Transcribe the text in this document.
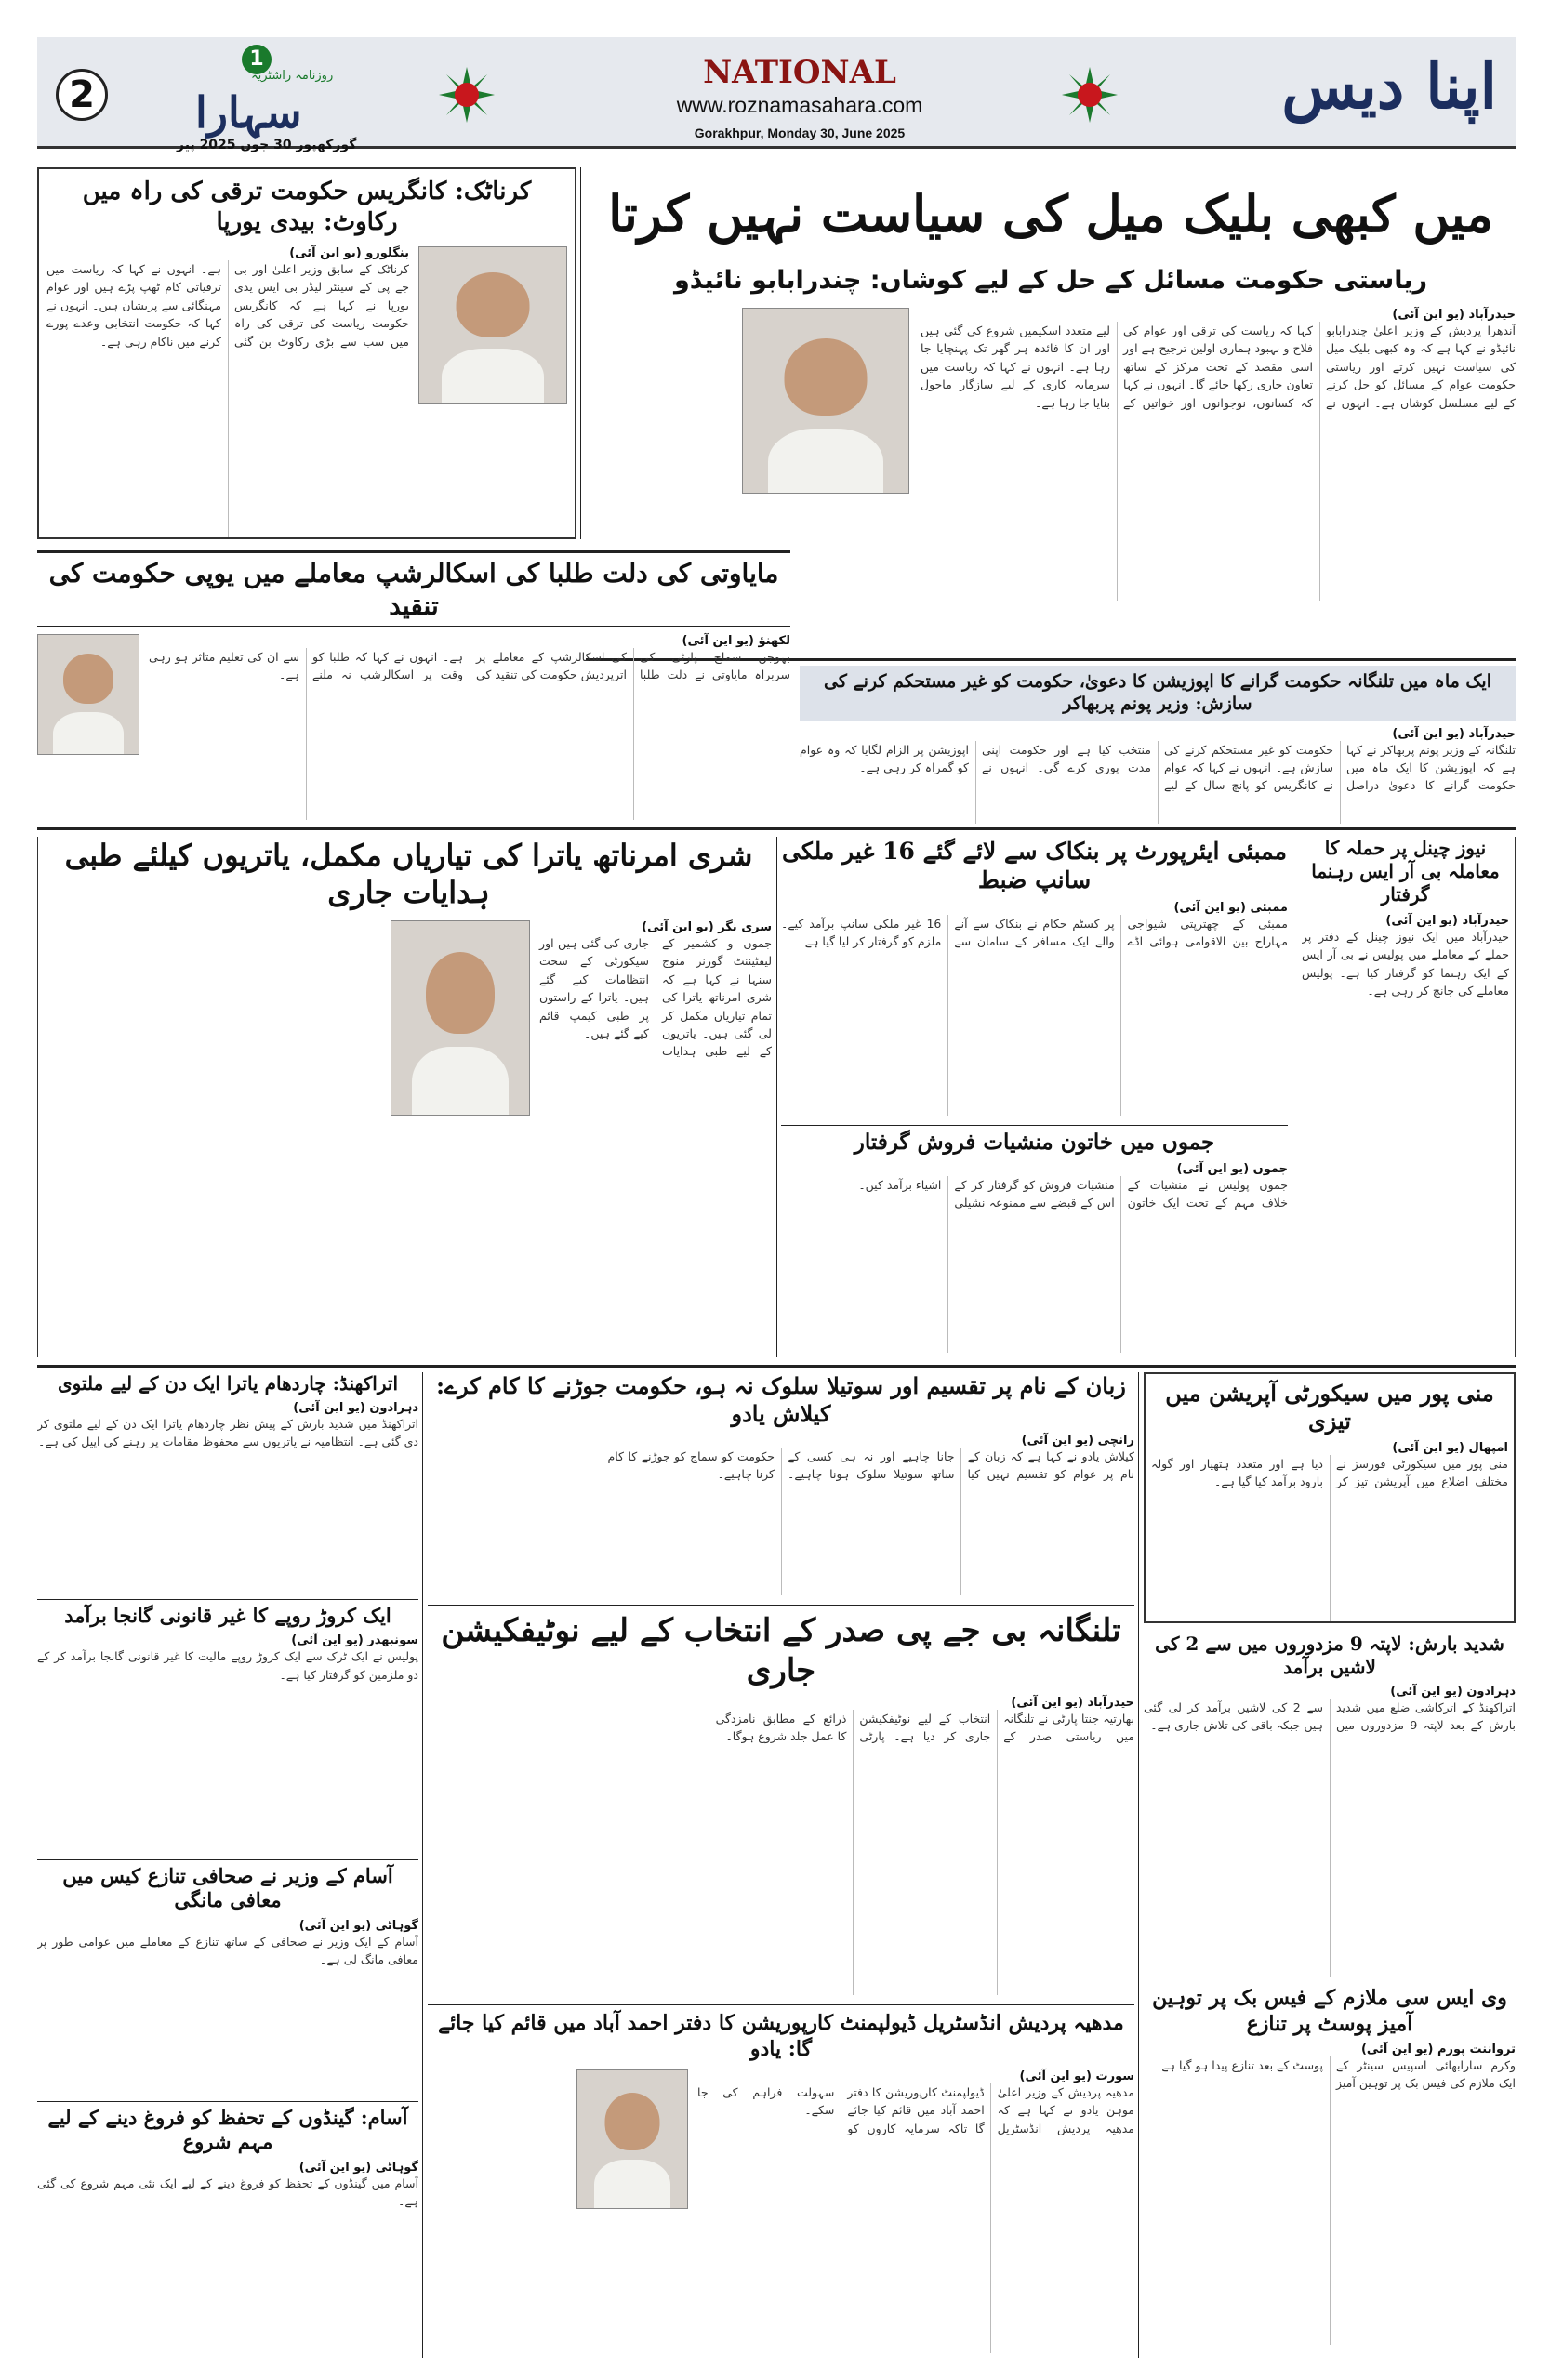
2
1
روزنامہ راشٹریہ
سہارا
گورکھپور 30 جون 2025 پیر
NATIONAL
www.roznamasahara.com
Gorakhpur, Monday 30, June 2025
اپنا دیس
میں کبھی بلیک میل کی سیاست نہیں کرتا
ریاستی حکومت مسائل کے حل کے لیے کوشاں: چندرابابو نائیڈو
حیدرآباد (یو این آئی)
آندھرا پردیش کے وزیر اعلیٰ چندرابابو نائیڈو نے کہا ہے کہ وہ کبھی بلیک میل کی سیاست نہیں کرتے اور ریاستی حکومت عوام کے مسائل کو حل کرنے کے لیے مسلسل کوشاں ہے۔ انہوں نے کہا کہ ریاست کی ترقی اور عوام کی فلاح و بہبود ہماری اولین ترجیح ہے اور اسی مقصد کے تحت مرکز کے ساتھ تعاون جاری رکھا جائے گا۔ انہوں نے کہا کہ کسانوں، نوجوانوں اور خواتین کے لیے متعدد اسکیمیں شروع کی گئی ہیں اور ان کا فائدہ ہر گھر تک پہنچایا جا رہا ہے۔ انہوں نے کہا کہ ریاست میں سرمایہ کاری کے لیے سازگار ماحول بنایا جا رہا ہے۔
ایک ماہ میں تلنگانہ حکومت گرانے کا اپوزیشن کا دعویٰ، حکومت کو غیر مستحکم کرنے کی سازش: وزیر پونم پربھاکر
حیدرآباد (یو این آئی)
تلنگانہ کے وزیر پونم پربھاکر نے کہا ہے کہ اپوزیشن کا ایک ماہ میں حکومت گرانے کا دعویٰ دراصل حکومت کو غیر مستحکم کرنے کی سازش ہے۔ انہوں نے کہا کہ عوام نے کانگریس کو پانچ سال کے لیے منتخب کیا ہے اور حکومت اپنی مدت پوری کرے گی۔ انہوں نے اپوزیشن پر الزام لگایا کہ وہ عوام کو گمراہ کر رہی ہے۔
کرناٹک: کانگریس حکومت ترقی کی راہ میں رکاوٹ: بیدی یورپا
بنگلورو (یو این آئی)
کرناٹک کے سابق وزیر اعلیٰ اور بی جے پی کے سینئر لیڈر بی ایس یدی یورپا نے کہا ہے کہ کانگریس حکومت ریاست کی ترقی کی راہ میں سب سے بڑی رکاوٹ بن گئی ہے۔ انہوں نے کہا کہ ریاست میں ترقیاتی کام ٹھپ پڑے ہیں اور عوام مہنگائی سے پریشان ہیں۔ انہوں نے کہا کہ حکومت انتخابی وعدے پورے کرنے میں ناکام رہی ہے۔
مایاوتی کی دلت طلبا کی اسکالرشپ معاملے میں یوپی حکومت کی تنقید
لکھنؤ (یو این آئی)
بہوجن سماج پارٹی کی سربراہ مایاوتی نے دلت طلبا کی اسکالرشپ کے معاملے پر اترپردیش حکومت کی تنقید کی ہے۔ انہوں نے کہا کہ طلبا کو وقت پر اسکالرشپ نہ ملنے سے ان کی تعلیم متاثر ہو رہی ہے۔
نیوز چینل پر حملہ کا معاملہ بی آر ایس رہنما گرفتار
حیدرآباد (یو این آئی)
حیدرآباد میں ایک نیوز چینل کے دفتر پر حملے کے معاملے میں پولیس نے بی آر ایس کے ایک رہنما کو گرفتار کیا ہے۔ پولیس معاملے کی جانچ کر رہی ہے۔
ممبئی ایئرپورٹ پر بنکاک سے لائے گئے 16 غیر ملکی سانپ ضبط
ممبئی (یو این آئی)
ممبئی کے چھترپتی شیواجی مہاراج بین الاقوامی ہوائی اڈے پر کسٹم حکام نے بنکاک سے آنے والے ایک مسافر کے سامان سے 16 غیر ملکی سانپ برآمد کیے۔ ملزم کو گرفتار کر لیا گیا ہے۔
جموں میں خاتون منشیات فروش گرفتار
جموں (یو این آئی)
جموں پولیس نے منشیات کے خلاف مہم کے تحت ایک خاتون منشیات فروش کو گرفتار کر کے اس کے قبضے سے ممنوعہ نشیلی اشیاء برآمد کیں۔
شری امرناتھ یاترا کی تیاریاں مکمل، یاتریوں کیلئے طبی ہدایات جاری
سری نگر (یو این آئی)
جموں و کشمیر کے لیفٹیننٹ گورنر منوج سنہا نے کہا ہے کہ شری امرناتھ یاترا کی تمام تیاریاں مکمل کر لی گئی ہیں۔ یاتریوں کے لیے طبی ہدایات جاری کی گئی ہیں اور سیکورٹی کے سخت انتظامات کیے گئے ہیں۔ یاترا کے راستوں پر طبی کیمپ قائم کیے گئے ہیں۔
منی پور میں سیکورٹی آپریشن میں تیزی
امپھال (یو این آئی)
منی پور میں سیکورٹی فورسز نے مختلف اضلاع میں آپریشن تیز کر دیا ہے اور متعدد ہتھیار اور گولہ بارود برآمد کیا گیا ہے۔
شدید بارش: لاپتہ 9 مزدوروں میں سے 2 کی لاشیں برآمد
دہرادون (یو این آئی)
اتراکھنڈ کے اترکاشی ضلع میں شدید بارش کے بعد لاپتہ 9 مزدوروں میں سے 2 کی لاشیں برآمد کر لی گئی ہیں جبکہ باقی کی تلاش جاری ہے۔
وی ایس سی ملازم کے فیس بک پر توہین آمیز پوسٹ پر تنازع
ترواننت پورم (یو این آئی)
وکرم سارابھائی اسپیس سینٹر کے ایک ملازم کی فیس بک پر توہین آمیز پوسٹ کے بعد تنازع پیدا ہو گیا ہے۔
زبان کے نام پر تقسیم اور سوتیلا سلوک نہ ہو، حکومت جوڑنے کا کام کرے: کیلاش یادو
رانچی (یو این آئی)
کیلاش یادو نے کہا ہے کہ زبان کے نام پر عوام کو تقسیم نہیں کیا جانا چاہیے اور نہ ہی کسی کے ساتھ سوتیلا سلوک ہونا چاہیے۔ حکومت کو سماج کو جوڑنے کا کام کرنا چاہیے۔
تلنگانہ بی جے پی صدر کے انتخاب کے لیے نوٹیفکیشن جاری
حیدرآباد (یو این آئی)
بھارتیہ جنتا پارٹی نے تلنگانہ میں ریاستی صدر کے انتخاب کے لیے نوٹیفکیشن جاری کر دیا ہے۔ پارٹی ذرائع کے مطابق نامزدگی کا عمل جلد شروع ہوگا۔
مدھیہ پردیش انڈسٹریل ڈیولپمنٹ کارپوریشن کا دفتر احمد آباد میں قائم کیا جائے گا: یادو
سورت (یو این آئی)
مدھیہ پردیش کے وزیر اعلیٰ موہن یادو نے کہا ہے کہ مدھیہ پردیش انڈسٹریل ڈیولپمنٹ کارپوریشن کا دفتر احمد آباد میں قائم کیا جائے گا تاکہ سرمایہ کاروں کو سہولت فراہم کی جا سکے۔
اتراکھنڈ: چاردھام یاترا ایک دن کے لیے ملتوی
دہرادون (یو این آئی)
اتراکھنڈ میں شدید بارش کے پیش نظر چاردھام یاترا ایک دن کے لیے ملتوی کر دی گئی ہے۔ انتظامیہ نے یاتریوں سے محفوظ مقامات پر رہنے کی اپیل کی ہے۔
ایک کروڑ روپے کا غیر قانونی گانجا برآمد
سونبھدر (یو این آئی)
پولیس نے ایک ٹرک سے ایک کروڑ روپے مالیت کا غیر قانونی گانجا برآمد کر کے دو ملزمین کو گرفتار کیا ہے۔
آسام کے وزیر نے صحافی تنازع کیس میں معافی مانگی
گوہاٹی (یو این آئی)
آسام کے ایک وزیر نے صحافی کے ساتھ تنازع کے معاملے میں عوامی طور پر معافی مانگ لی ہے۔
آسام: گینڈوں کے تحفظ کو فروغ دینے کے لیے مہم شروع
گوہاٹی (یو این آئی)
آسام میں گینڈوں کے تحفظ کو فروغ دینے کے لیے ایک نئی مہم شروع کی گئی ہے۔
